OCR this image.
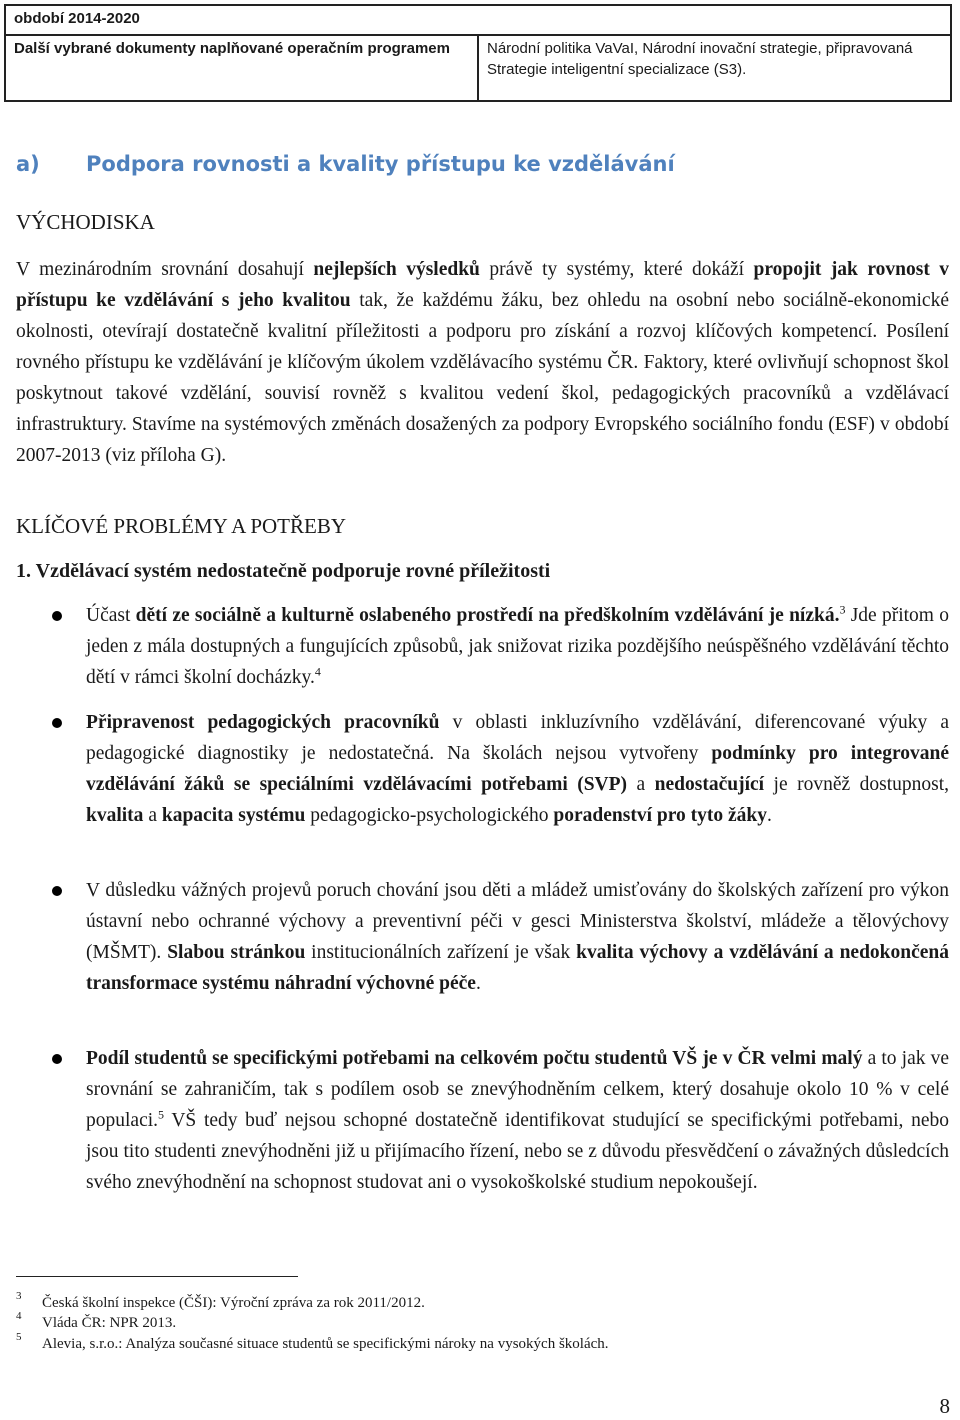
období 2014-2020
Další vybrané dokumenty naplňované operačním programem	Národní politika VaVaI, Národní inovační strategie, připravovaná Strategie inteligentní specializace (S3).
a) Podpora rovnosti a kvality přístupu ke vzdělávání
VÝCHODISKA

V mezinárodním srovnání dosahují nejlepších výsledků právě ty systémy, které dokáží propojit jak rovnost v přístupu ke vzdělávání s jeho kvalitou tak, že každému žáku, bez ohledu na osobní nebo sociálně-ekonomické okolnosti, otevírají dostatečně kvalitní příležitosti a podporu pro získání a rozvoj klíčových kompetencí. Posílení rovného přístupu ke vzdělávání je klíčovým úkolem vzdělávacího systému ČR. Faktory, které ovlivňují schopnost škol poskytnout takové vzdělání, souvisí rovněž s kvalitou vedení škol, pedagogických pracovníků a vzdělávací infrastruktury. Stavíme na systémových změnách dosažených za podpory Evropského sociálního fondu (ESF) v období 2007-2013 (viz příloha G).

KLÍČOVÉ PROBLÉMY A POTŘEBY
1. Vzdělávací systém nedostatečně podporuje rovné příležitosti

Účast dětí ze sociálně a kulturně oslabeného prostředí na předškolním vzdělávání je nízká.$^3$ Jde přitom o jeden z mála dostupných a fungujících způsobů, jak snižovat rizika pozdějšího neúspěšného vzdělávání těchto dětí v rámci školní docházky.$^4$

Připravenost pedagogických pracovníků v oblasti inkluzívního vzdělávání, diferencované výuky a pedagogické diagnostiky je nedostatečná. Na školách nejsou vytvořeny podmínky pro integrované vzdělávání žáků se speciálními vzdělávacími potřebami (SVP) a nedostačující je rovněž dostupnost, kvalita a kapacita systému pedagogicko-psychologického poradenství pro tyto žáky.

V důsledku vážných projevů poruch chování jsou děti a mládež umisťovány do školských zařízení pro výkon ústavní nebo ochranné výchovy a preventivní péči v gesci Ministerstva školství, mládeže a tělovýchovy (MŠMT). Slabou stránkou institucionálních zařízení je však kvalita výchovy a vzdělávání a nedokončená transformace systému náhradní výchovné péče.

Podíl studentů se specifickými potřebami na celkovém počtu studentů VŠ je v ČR velmi malý a to jak ve srovnání se zahraničím, tak s podílem osob se znevýhodněním celkem, který dosahuje okolo 10 % v celé populaci.$^5$ VŠ tedy buď nejsou schopné dostatečně identifikovat studující se specifickými potřebami, nebo jsou tito studenti znevýhodněni již u přijímacího řízení, nebo se z důvodu přesvědčení o závažných důsledcích svého znevýhodnění na schopnost studovat ani o vysokoškolské studium nepokoušejí.

3 Česká školní inspekce (ČŠI): Výroční zpráva za rok 2011/2012.
4 Vláda ČR: NPR 2013.
5 Alevia, s.r.o.: Analýza současné situace studentů se specifickými nároky na vysokých školách.
8
